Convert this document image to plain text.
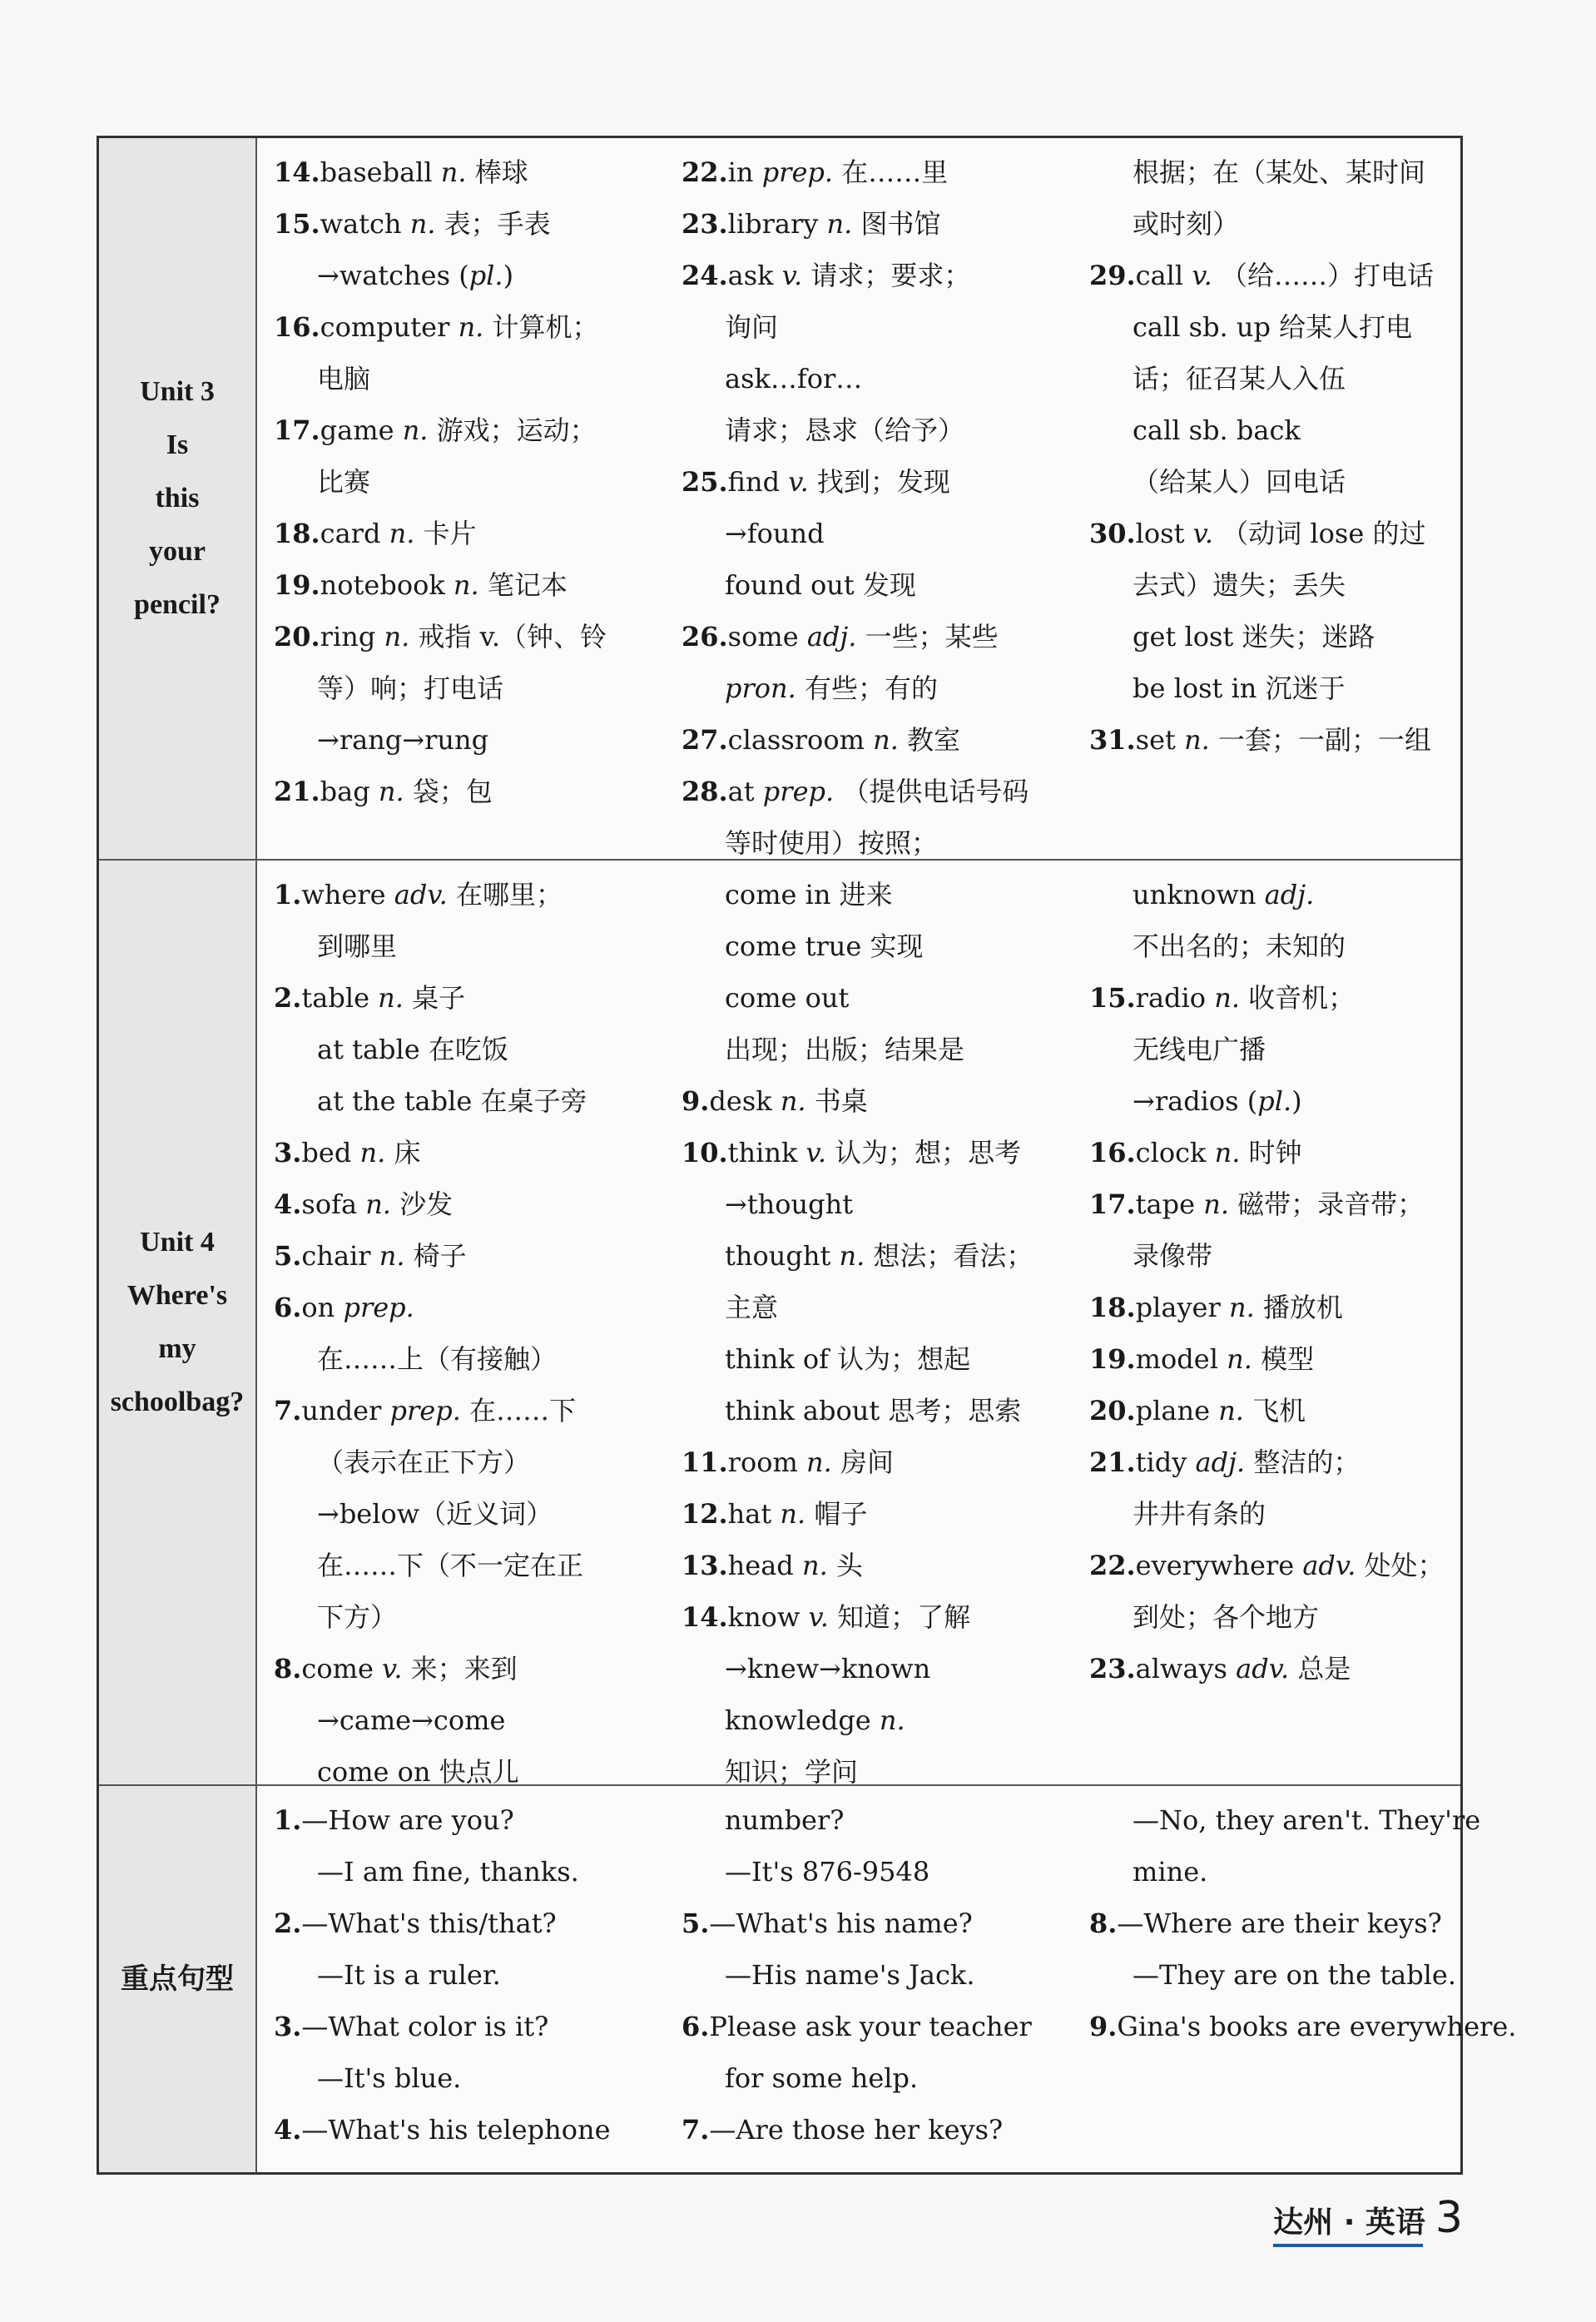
Unit 3
Is
this
your
pencil?
14.baseball n. 棒球
15.watch n. 表；手表
→watches (pl.)
16.computer n. 计算机；
电脑
17.game n. 游戏；运动；
比赛
18.card n. 卡片
19.notebook n. 笔记本
20.ring n. 戒指 v.（钟、铃
等）响；打电话
→rang→rung
21.bag n. 袋；包
22.in prep. 在……里
23.library n. 图书馆
24.ask v. 请求；要求；
询问
ask…for…
请求；恳求（给予）
25.find v. 找到；发现
→found
found out 发现
26.some adj. 一些；某些
pron. 有些；有的
27.classroom n. 教室
28.at prep. （提供电话号码
等时使用）按照；
根据；在（某处、某时间
或时刻）
29.call v. （给……）打电话
call sb. up 给某人打电
话；征召某人入伍
call sb. back
（给某人）回电话
30.lost v. （动词 lose 的过
去式）遗失；丢失
get lost 迷失；迷路
be lost in 沉迷于
31.set n. 一套；一副；一组
Unit 4
Where's
my
schoolbag?
1.where adv. 在哪里；
到哪里
2.table n. 桌子
at table 在吃饭
at the table 在桌子旁
3.bed n. 床
4.sofa n. 沙发
5.chair n. 椅子
6.on prep.
在……上（有接触）
7.under prep. 在……下
（表示在正下方）
→below（近义词）
在……下（不一定在正
下方）
8.come v. 来；来到
→came→come
come on 快点儿
come in 进来
come true 实现
come out
出现；出版；结果是
9.desk n. 书桌
10.think v. 认为；想；思考
→thought
thought n. 想法；看法；
主意
think of 认为；想起
think about 思考；思索
11.room n. 房间
12.hat n. 帽子
13.head n. 头
14.know v. 知道；了解
→knew→known
knowledge n.
知识；学问
unknown adj.
不出名的；未知的
15.radio n. 收音机；
无线电广播
→radios (pl.)
16.clock n. 时钟
17.tape n. 磁带；录音带；
录像带
18.player n. 播放机
19.model n. 模型
20.plane n. 飞机
21.tidy adj. 整洁的；
井井有条的
22.everywhere adv. 处处；
到处；各个地方
23.always adv. 总是
重点句型
1.—How are you?
—I am fine, thanks.
2.—What's this/that?
—It is a ruler.
3.—What color is it?
—It's blue.
4.—What's his telephone
number?
—It's 876-9548
5.—What's his name?
—His name's Jack.
6.Please ask your teacher
for some help.
7.—Are those her keys?
—No, they aren't. They're
mine.
8.—Where are their keys?
—They are on the table.
9.Gina's books are everywhere.
达州 · 英语 3
